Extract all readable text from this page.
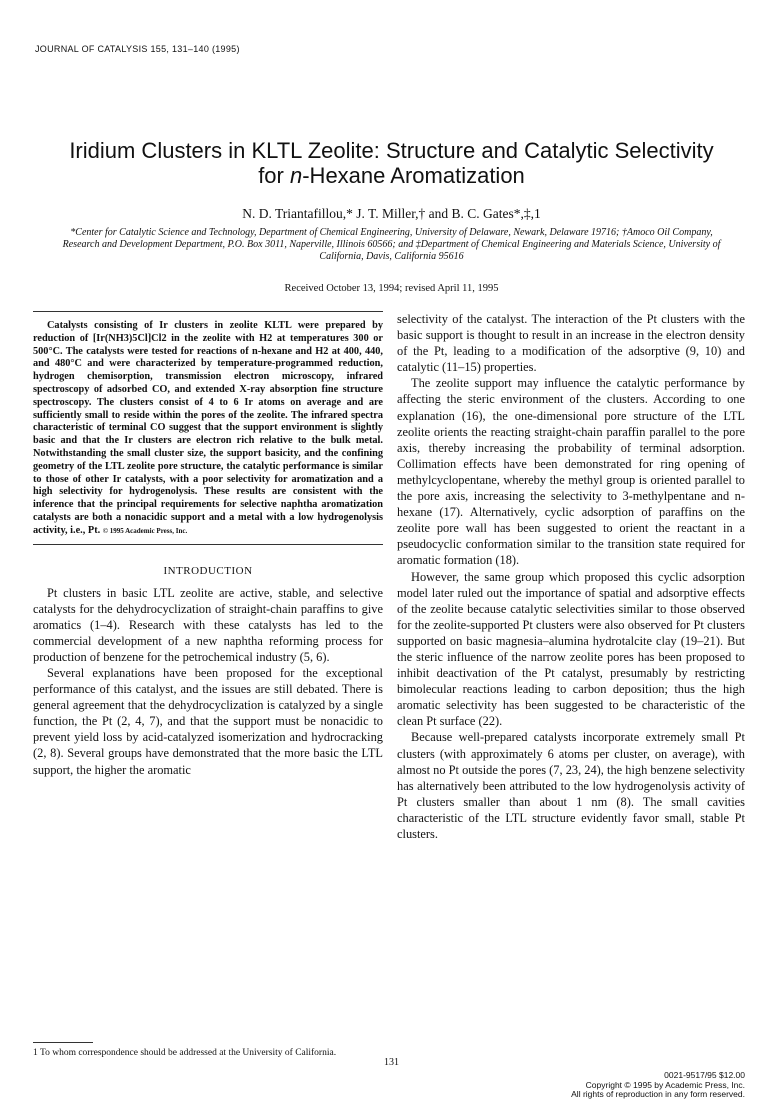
JOURNAL OF CATALYSIS 155, 131–140 (1995)
Iridium Clusters in KLTL Zeolite: Structure and Catalytic Selectivity
for n-Hexane Aromatization
N. D. Triantafillou,* J. T. Miller,† and B. C. Gates*,‡,1
*Center for Catalytic Science and Technology, Department of Chemical Engineering, University of Delaware, Newark, Delaware 19716; †Amoco Oil Company, Research and Development Department, P.O. Box 3011, Naperville, Illinois 60566; and ‡Department of Chemical Engineering and Materials Science, University of California, Davis, California 95616
Received October 13, 1994; revised April 11, 1995
Catalysts consisting of Ir clusters in zeolite KLTL were prepared by reduction of [Ir(NH3)5Cl]Cl2 in the zeolite with H2 at temperatures 300 or 500°C. The catalysts were tested for reactions of n-hexane and H2 at 400, 440, and 480°C and were characterized by temperature-programmed reduction, hydrogen chemisorption, transmission electron microscopy, infrared spectroscopy of adsorbed CO, and extended X-ray absorption fine structure spectroscopy. The clusters consist of 4 to 6 Ir atoms on average and are sufficiently small to reside within the pores of the zeolite. The infrared spectra characteristic of terminal CO suggest that the support environment is slightly basic and that the Ir clusters are electron rich relative to the bulk metal. Notwithstanding the small cluster size, the support basicity, and the confining geometry of the LTL zeolite pore structure, the catalytic performance is similar to those of other Ir catalysts, with a poor selectivity for aromatization and a high selectivity for hydrogenolysis. These results are consistent with the inference that the principal requirements for selective naphtha aromatization catalysts are both a nonacidic support and a metal with a low hydrogenolysis activity, i.e., Pt. © 1995 Academic Press, Inc.
INTRODUCTION

Pt clusters in basic LTL zeolite are active, stable, and selective catalysts for the dehydrocyclization of straight-chain paraffins to give aromatics (1–4). Research with these catalysts has led to the commercial development of a new naphtha reforming process for production of benzene for the petrochemical industry (5, 6).

Several explanations have been proposed for the exceptional performance of this catalyst, and the issues are still debated. There is general agreement that the dehydrocyclization is catalyzed by a single function, the Pt (2, 4, 7), and that the support must be nonacidic to prevent yield loss by acid-catalyzed isomerization and hydrocracking (2, 8). Several groups have demonstrated that the more basic the LTL support, the higher the aromatic

selectivity of the catalyst. The interaction of the Pt clusters with the basic support is thought to result in an increase in the electron density of the Pt, leading to a modification of the adsorptive (9, 10) and catalytic (11–15) properties.

The zeolite support may influence the catalytic performance by affecting the steric environment of the clusters. According to one explanation (16), the one-dimensional pore structure of the LTL zeolite orients the reacting straight-chain paraffin parallel to the pore axis, thereby increasing the probability of terminal adsorption. Collimation effects have been demonstrated for ring opening of methylcyclopentane, whereby the methyl group is oriented parallel to the pore axis, increasing the selectivity to 3-methylpentane and n-hexane (17). Alternatively, cyclic adsorption of paraffins on the zeolite pore wall has been suggested to orient the reactant in a pseudocyclic conformation similar to the transition state required for aromatic formation (18).

However, the same group which proposed this cyclic adsorption model later ruled out the importance of spatial and adsorptive effects of the zeolite because catalytic selectivities similar to those observed for the zeolite-supported Pt clusters were also observed for Pt clusters supported on basic magnesia–alumina hydrotalcite clay (19–21). But the steric influence of the narrow zeolite pores has been proposed to inhibit deactivation of the Pt catalyst, presumably by restricting bimolecular reactions leading to carbon deposition; thus the high aromatic selectivity has been suggested to be characteristic of the clean Pt surface (22).

Because well-prepared catalysts incorporate extremely small Pt clusters (with approximately 6 atoms per cluster, on average), with almost no Pt outside the pores (7, 23, 24), the high benzene selectivity has alternatively been attributed to the low hydrogenolysis activity of Pt clusters smaller than about 1 nm (8). The small cavities characteristic of the LTL structure evidently favor small, stable Pt clusters.

1 To whom correspondence should be addressed at the University of California.
131
0021-9517/95 $12.00
Copyright © 1995 by Academic Press, Inc.
All rights of reproduction in any form reserved.
